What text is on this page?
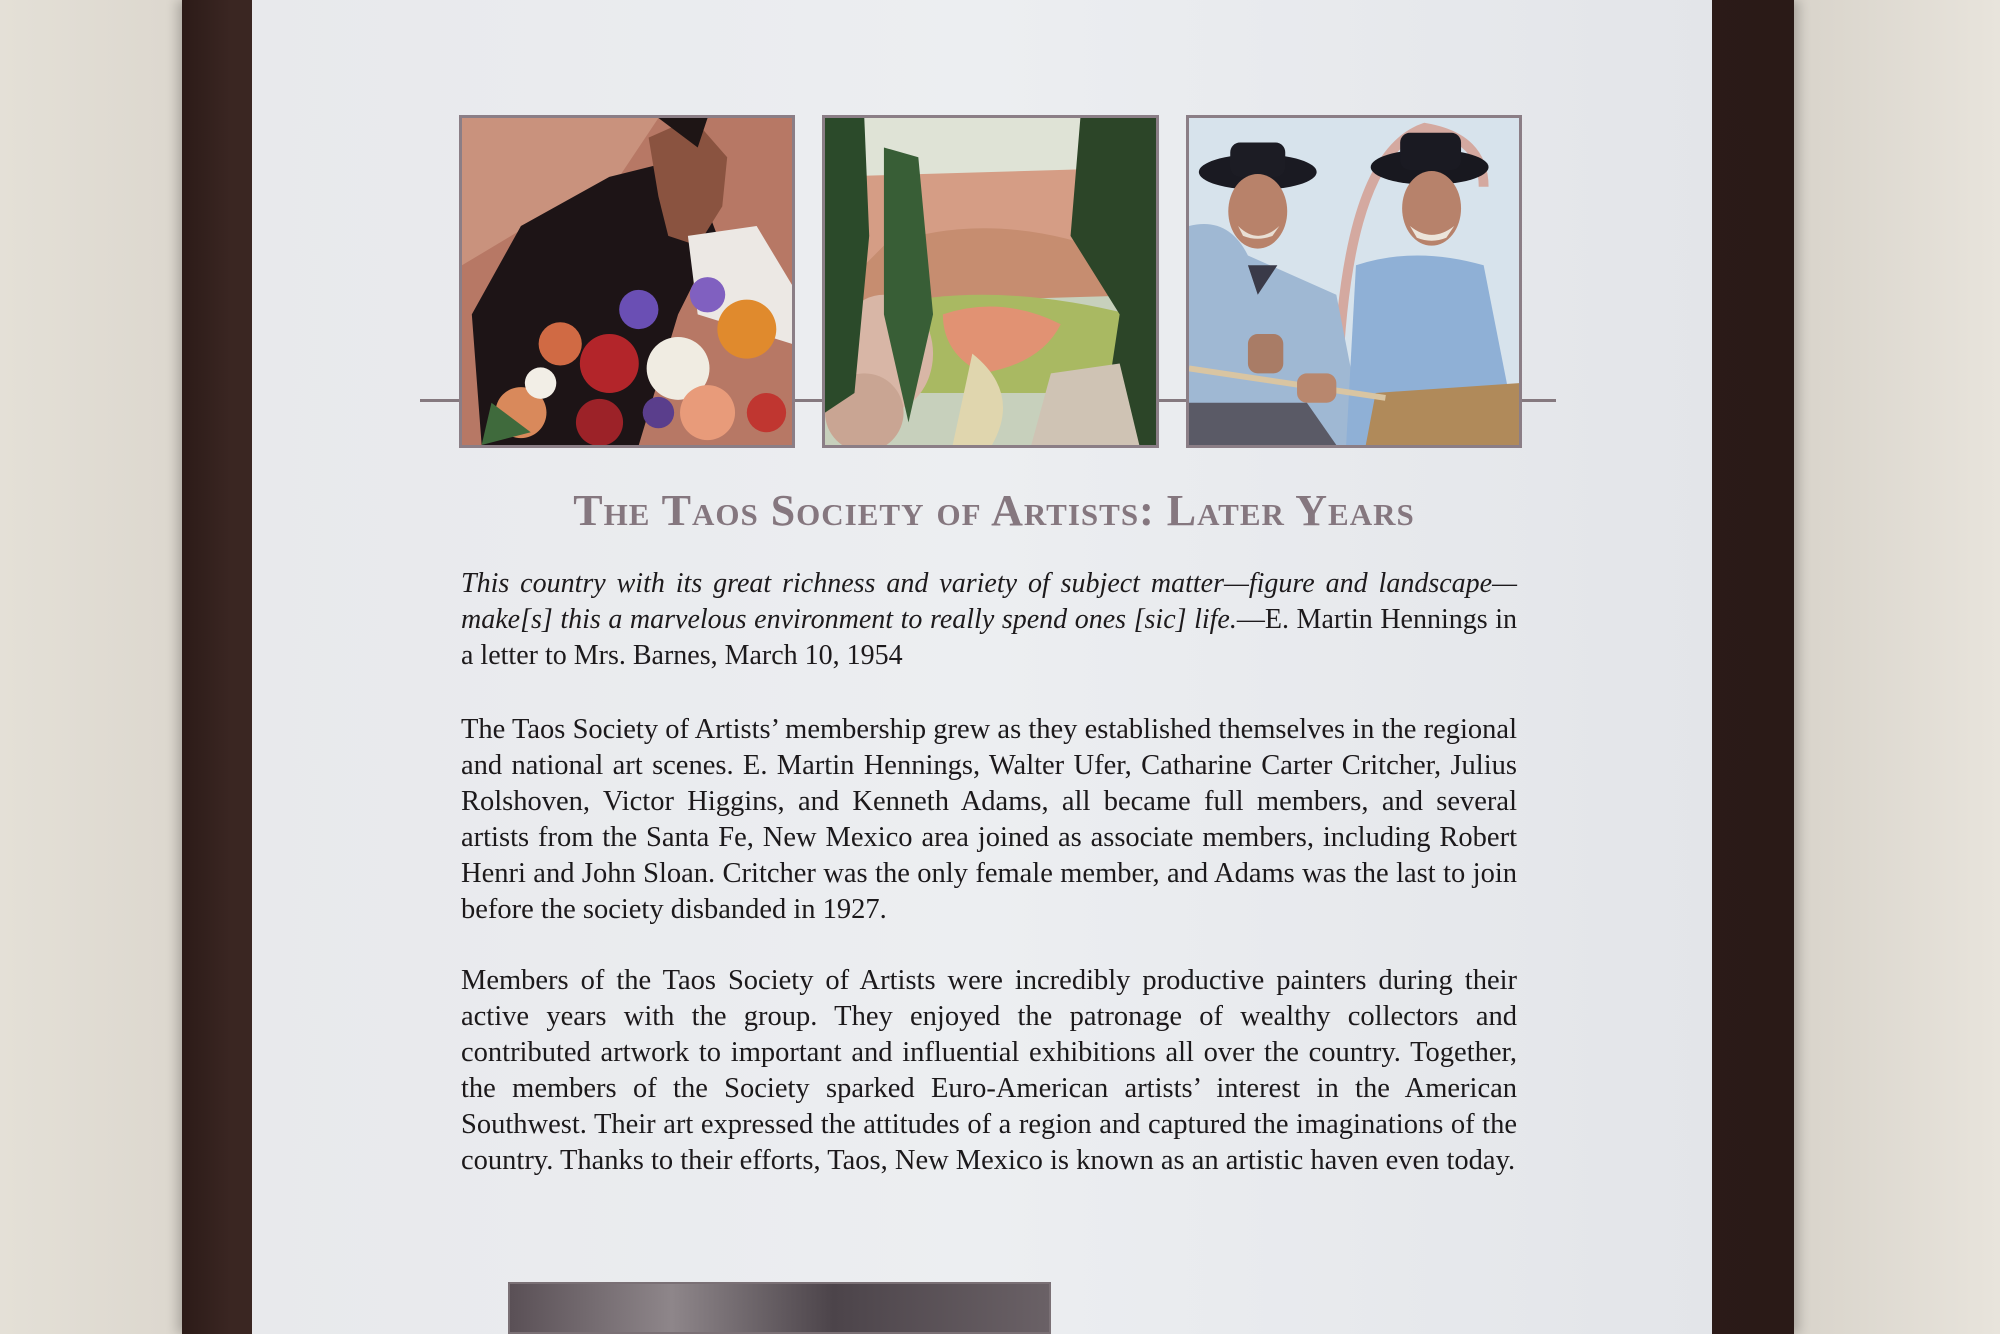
The Taos Society of Artists: Later Years
This country with its great richness and variety of subject matter—figure and landscape—make[s] this a marvelous environment to really spend ones [sic] life.—E. Martin Hennings in a letter to Mrs. Barnes, March 10, 1954
The Taos Society of Artists’ membership grew as they established themselves in the regional and national art scenes. E. Martin Hennings, Walter Ufer, Catharine Carter Critcher, Julius Rolshoven, Victor Higgins, and Kenneth Adams, all became full members, and several artists from the Santa Fe, New Mexico area joined as associate members, including Robert Henri and John Sloan. Critcher was the only female member, and Adams was the last to join before the society disbanded in 1927.
Members of the Taos Society of Artists were incredibly productive painters during their active years with the group. They enjoyed the patronage of wealthy collectors and contributed artwork to important and influential exhibitions all over the country. Together, the members of the Society sparked Euro-American artists’ interest in the American Southwest. Their art expressed the attitudes of a region and captured the imaginations of the country. Thanks to their efforts, Taos, New Mexico is known as an artistic haven even today.
